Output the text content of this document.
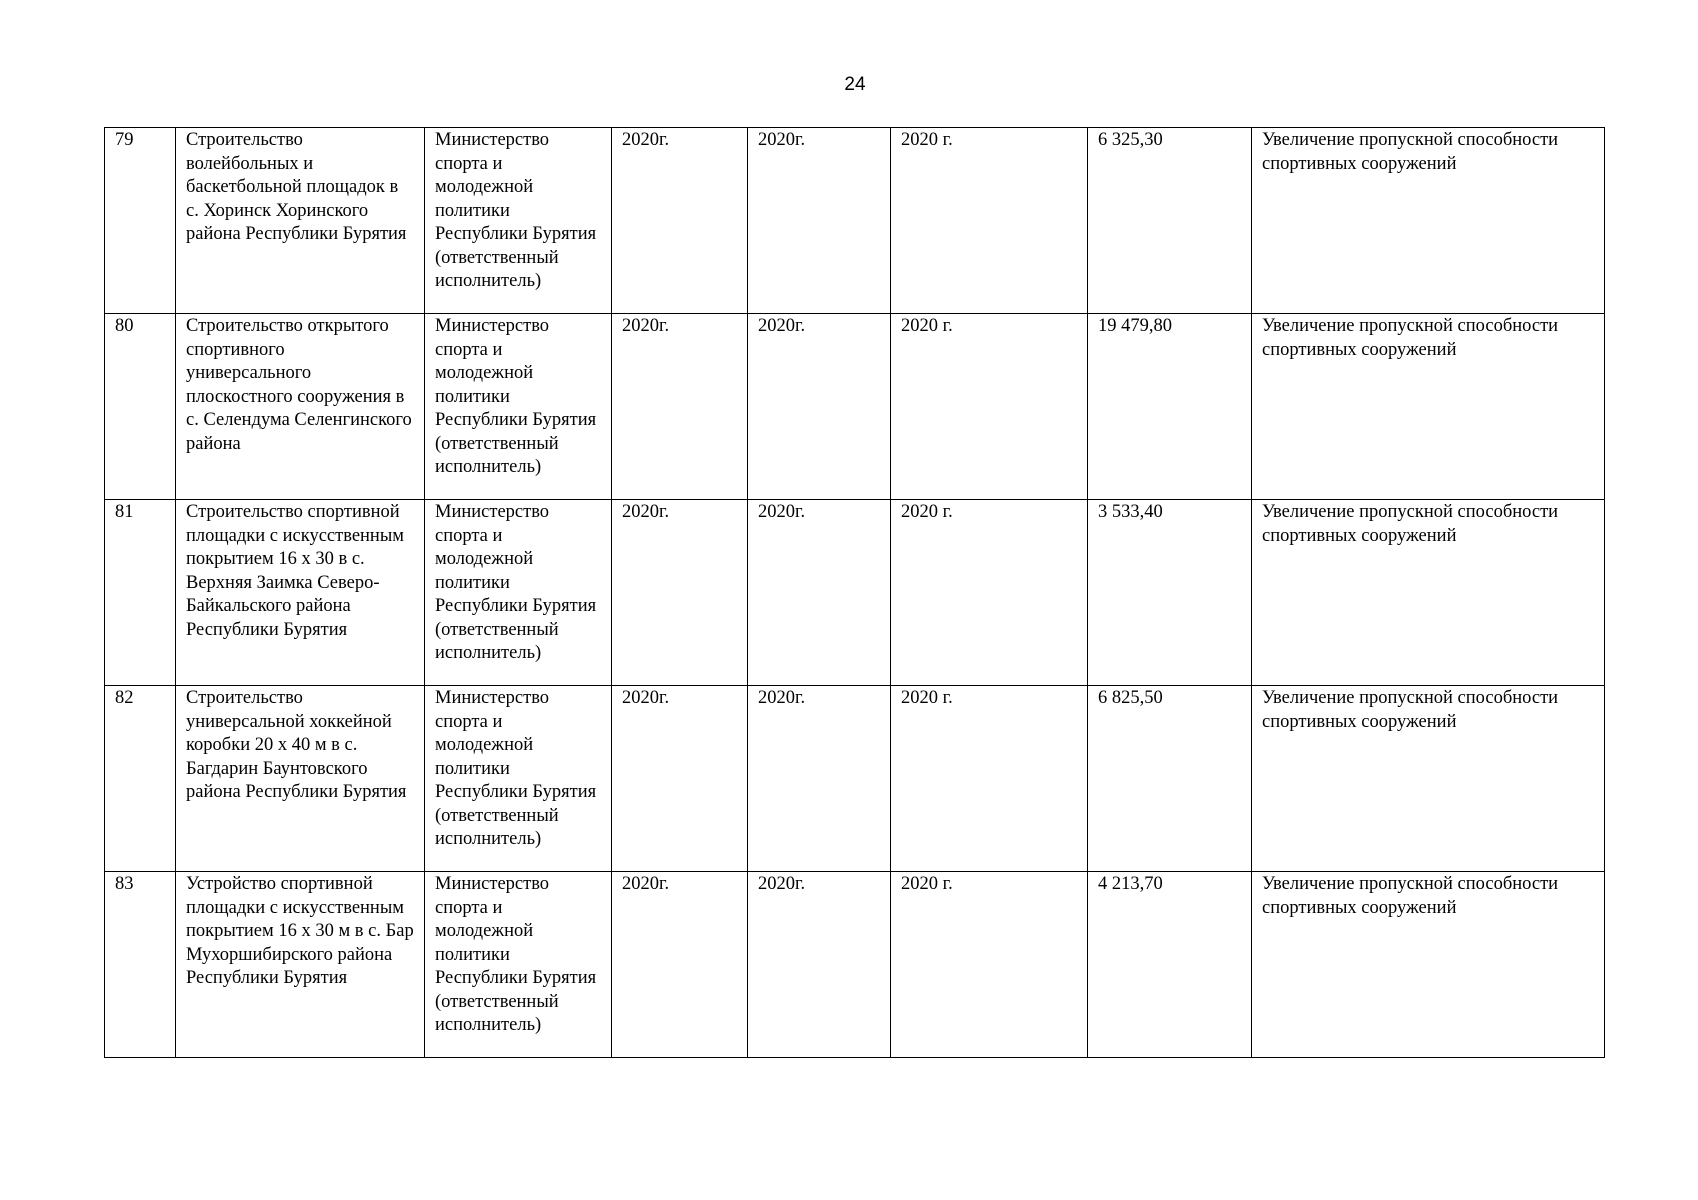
24
79	Строительство волейбольных и баскетбольной площадок в с. Хоринск Хоринского района Республики Бурятия	Министерство спорта и молодежной политики Республики Бурятия (ответственный исполнитель)	2020г.	2020г.	2020 г.	6 325,30	Увеличение пропускной способности спортивных сооружений
80	Строительство открытого спортивного универсального плоскостного сооружения в с. Селендума Селенгинского района	Министерство спорта и молодежной политики Республики Бурятия (ответственный исполнитель)	2020г.	2020г.	2020 г.	19 479,80	Увеличение пропускной способности спортивных сооружений
81	Строительство спортивной площадки с искусственным покрытием 16 х 30 в с. Верхняя Заимка Северо-Байкальского района Республики Бурятия	Министерство спорта и молодежной политики Республики Бурятия (ответственный исполнитель)	2020г.	2020г.	2020 г.	3 533,40	Увеличение пропускной способности спортивных сооружений
82	Строительство универсальной хоккейной коробки 20 х 40 м в с. Багдарин Баунтовского района Республики Бурятия	Министерство спорта и молодежной политики Республики Бурятия (ответственный исполнитель)	2020г.	2020г.	2020 г.	6 825,50	Увеличение пропускной способности спортивных сооружений
83	Устройство спортивной площадки с искусственным покрытием 16 х 30 м в с. Бар Мухоршибирского района Республики Бурятия	Министерство спорта и молодежной политики Республики Бурятия (ответственный исполнитель)	2020г.	2020г.	2020 г.	4 213,70	Увеличение пропускной способности спортивных сооружений
